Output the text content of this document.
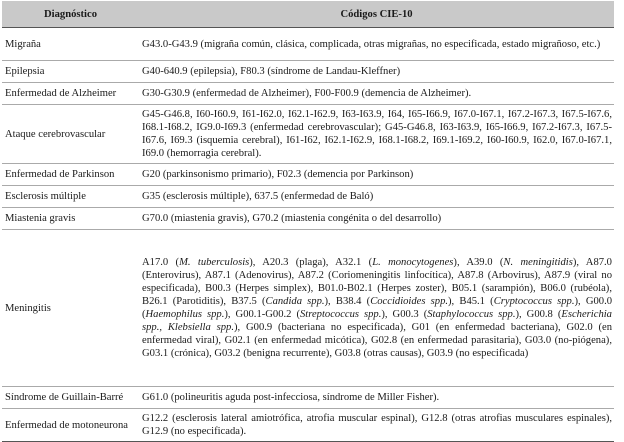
Diagnóstico	Códigos CIE-10
Migraña	G43.0-G43.9 (migraña común, clásica, complicada, otras migrañas, no especificada, estado migrañoso, etc.)
Epilepsia	G40-640.9 (epilepsia), F80.3 (síndrome de Landau-Kleffner)
Enfermedad de Alzheimer	G30-G30.9 (enfermedad de Alzheimer), F00-F00.9 (demencia de Alzheimer).
Ataque cerebrovascular	G45-G46.8, I60-I60.9, I61-I62.0, I62.1-I62.9, I63-I63.9, I64, I65-I66.9, I67.0-I67.1, I67.2-I67.3, I67.5-I67.6, I68.1-I68.2, IG9.0-I69.3 (enfermedad cerebrovascular); G45-G46.8, I63-I63.9, I65-I66.9, I67.2-I67.3, I67.5-I67.6, I69.3 (isquemia cerebral), I61-I62, I62.1-I62.9, I68.1-I68.2, I69.1-I69.2, I60-I60.9, I62.0, I67.0-I67.1, I69.0 (hemorragia cerebral).
Enfermedad de Parkinson	G20 (parkinsonismo primario), F02.3 (demencia por Parkinson)
Esclerosis múltiple	G35 (esclerosis múltiple), 637.5 (enfermedad de Baló)
Miastenia gravis	G70.0 (miastenia gravis), G70.2 (miastenia congénita o del desarrollo)
Meningitis	A17.0 (M. tuberculosis), A20.3 (plaga), A32.1 (L. monocytogenes), A39.0 (N. meningitidis), A87.0 (Enterovirus), A87.1 (Adenovirus), A87.2 (Coriomeningitis linfocítica), A87.8 (Arbovirus), A87.9 (viral no especificada), B00.3 (Herpes simplex), B01.0-B02.1 (Herpes zoster), B05.1 (sarampión), B06.0 (rubéola), B26.1 (Parotiditis), B37.5 (Candida spp.), B38.4 (Coccidioides spp.), B45.1 (Cryptococcus spp.), G00.0 (Haemophilus spp.), G00.1-G00.2 (Streptococcus spp.), G00.3 (Staphylococcus spp.), G00.8 (Escherichia spp., Klebsiella spp.), G00.9 (bacteriana no especificada), G01 (en enfermedad bacteriana), G02.0 (en enfermedad viral), G02.1 (en enfermedad micótica), G02.8 (en enfermedad parasitaria), G03.0 (no-piógena), G03.1 (crónica), G03.2 (benigna recurrente), G03.8 (otras causas), G03.9 (no especificada)
Síndrome de Guillain-Barré	G61.0 (polineuritis aguda post-infecciosa, síndrome de Miller Fisher).
Enfermedad de motoneurona	G12.2 (esclerosis lateral amiotrófica, atrofia muscular espinal), G12.8 (otras atrofias musculares espinales), G12.9 (no especificada).
